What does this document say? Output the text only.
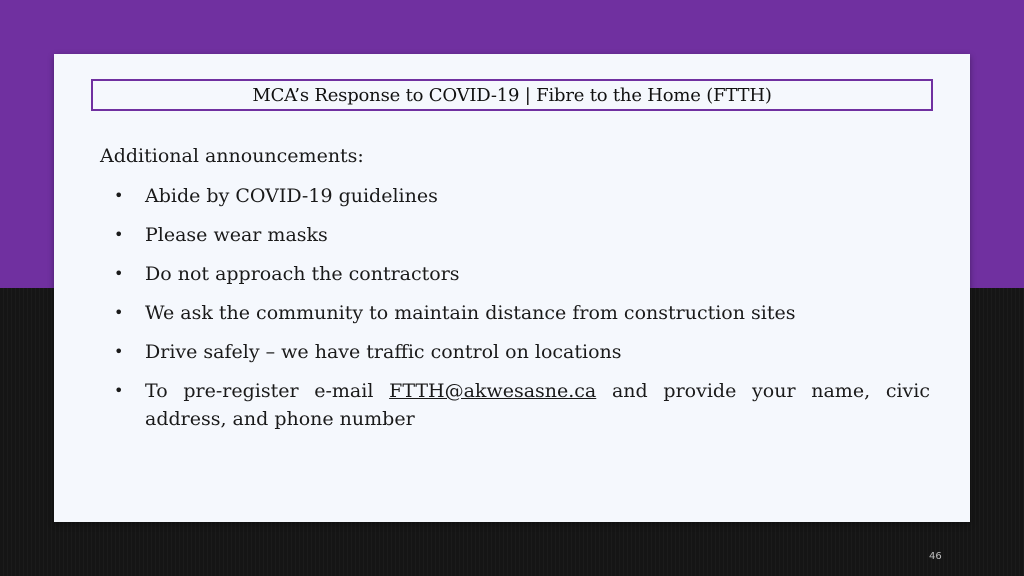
MCA’s Response to COVID-19 | Fibre to the Home (FTTH)
Additional announcements:
• Abide by COVID-19 guidelines
• Please wear masks
• Do not approach the contractors
• We ask the community to maintain distance from construction sites
• Drive safely – we have traffic control on locations
• To pre-register e-mail FTTH@akwesasne.ca and provide your name, civic address, and phone number
46
